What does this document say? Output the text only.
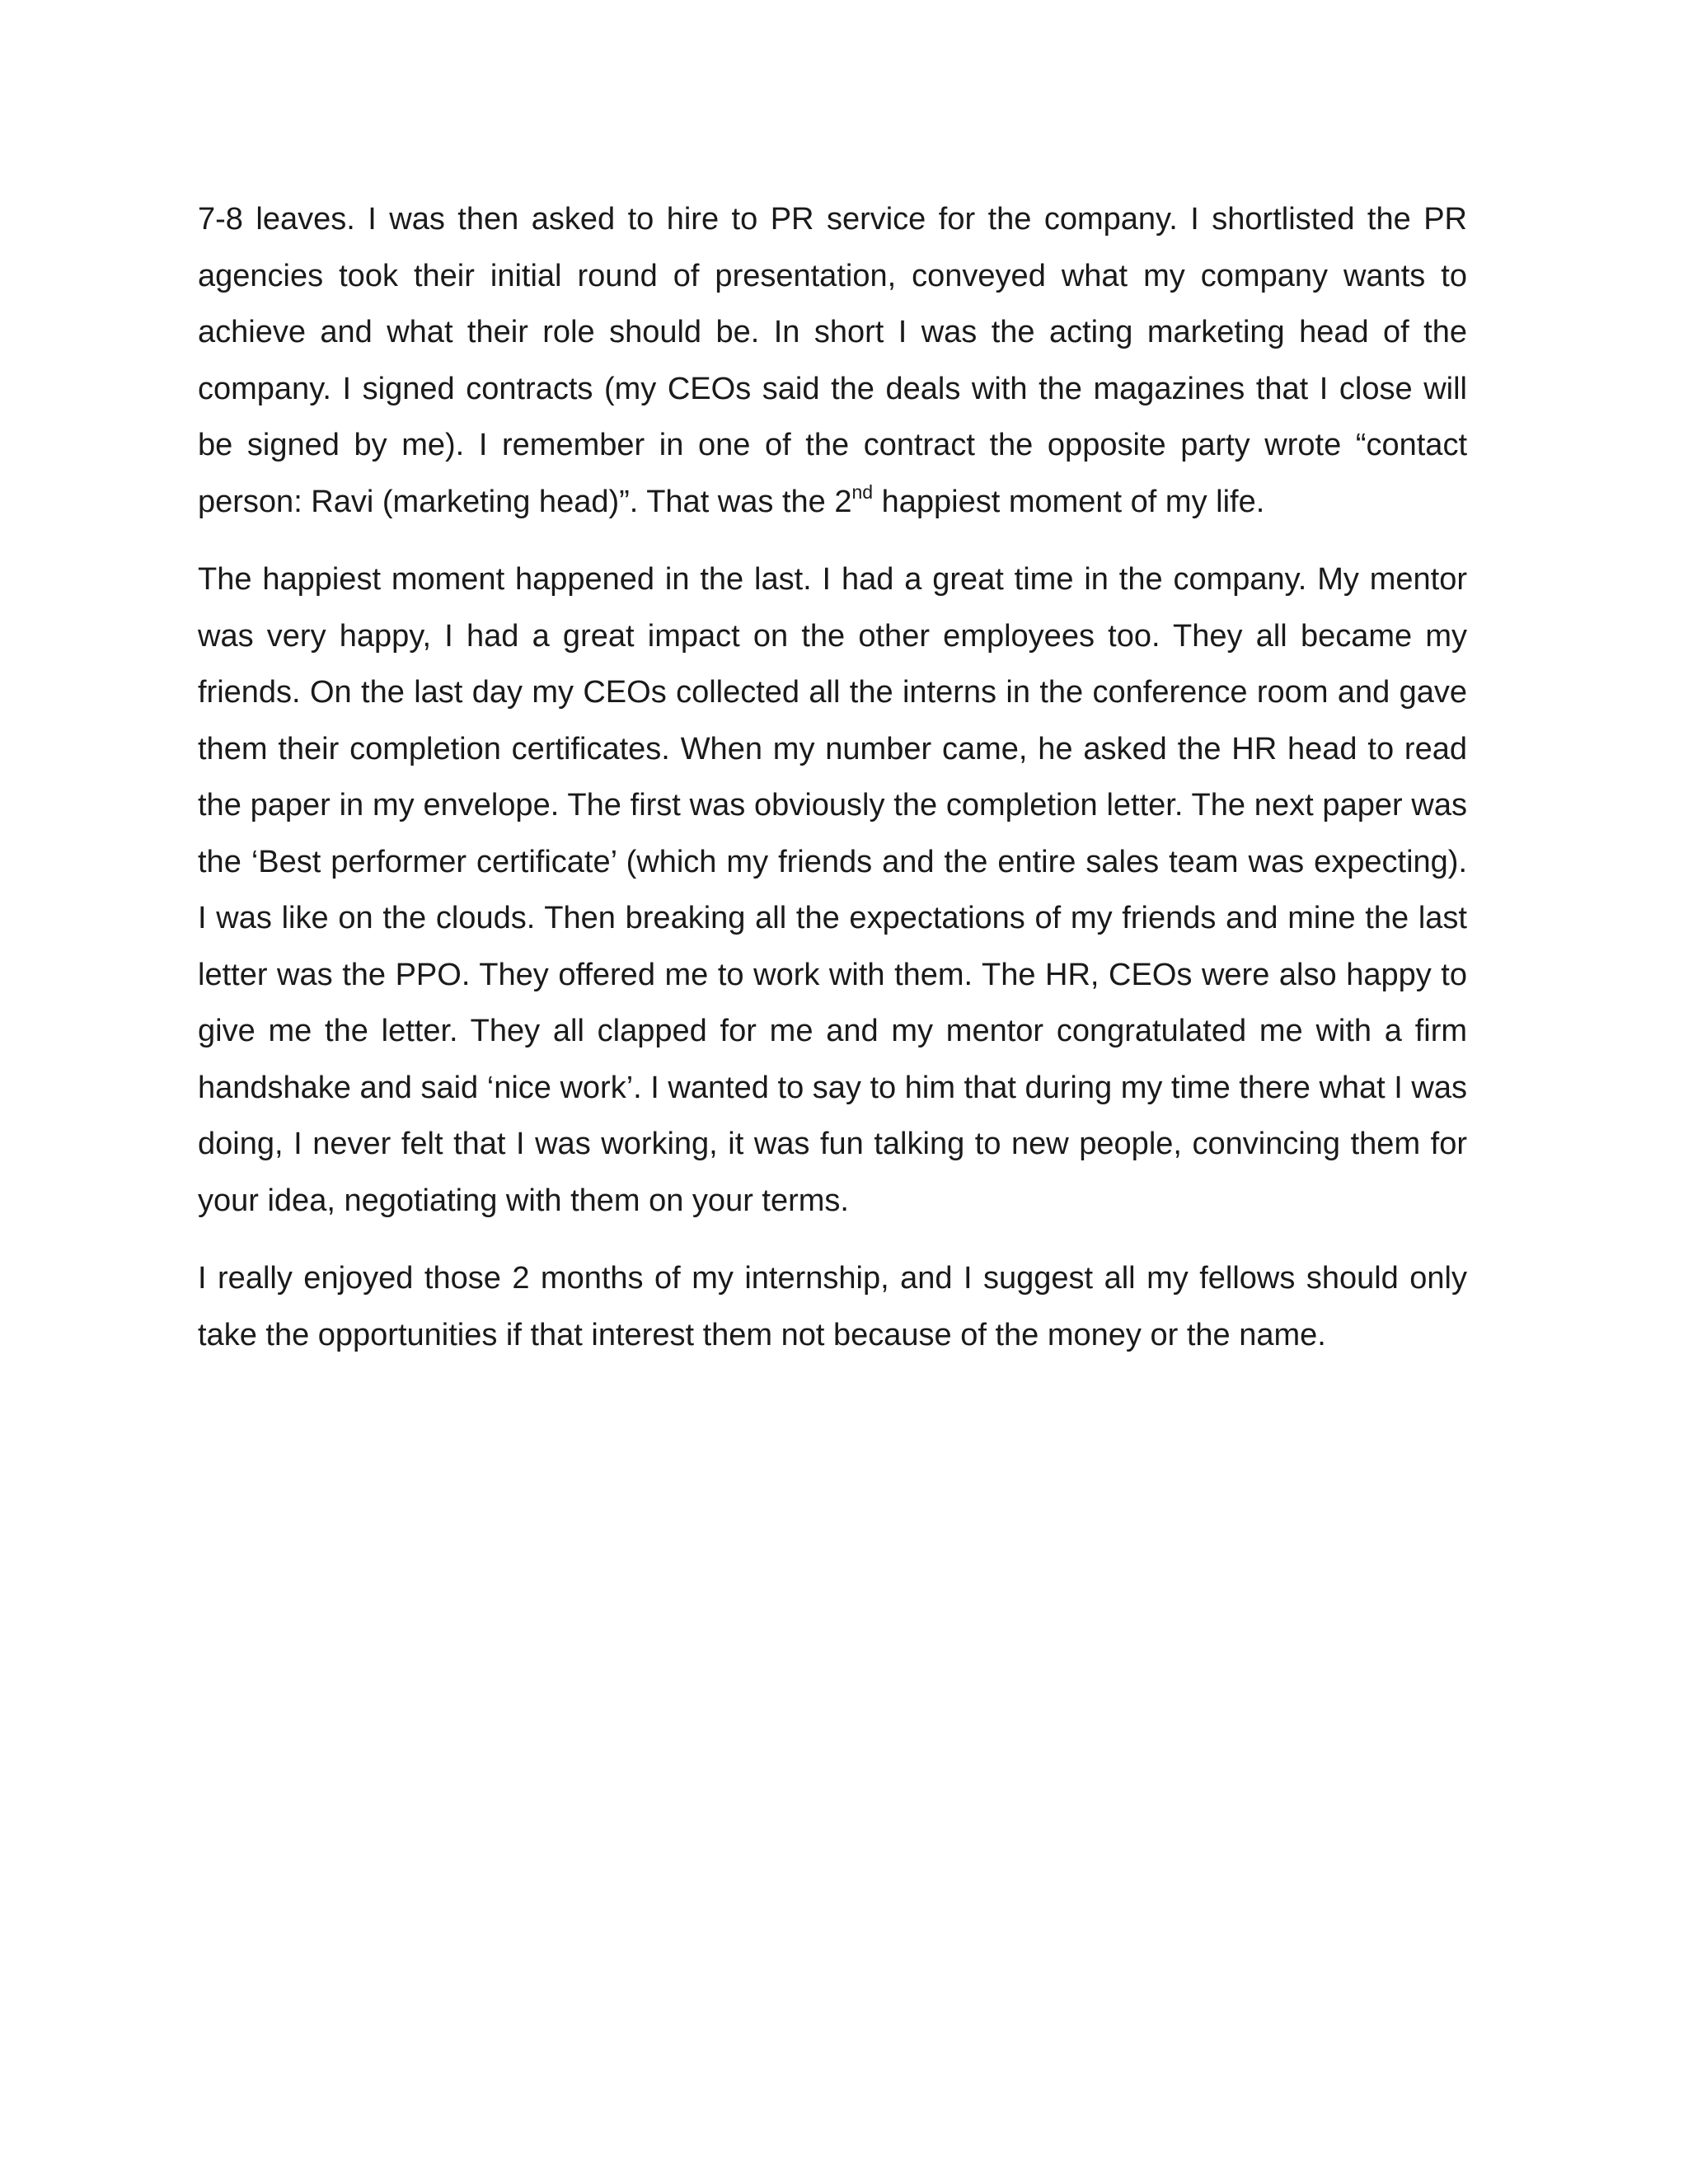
7-8 leaves. I was then asked to hire to PR service for the company. I shortlisted the PR agencies took their initial round of presentation, conveyed what my company wants to achieve and what their role should be. In short I was the acting marketing head of the company. I signed contracts (my CEOs said the deals with the magazines that I close will be signed by me). I remember in one of the contract the opposite party wrote “contact person: Ravi (marketing head)”. That was the 2nd happiest moment of my life.

The happiest moment happened in the last. I had a great time in the company. My mentor was very happy, I had a great impact on the other employees too. They all became my friends. On the last day my CEOs collected all the interns in the conference room and gave them their completion certificates. When my number came, he asked the HR head to read the paper in my envelope. The first was obviously the completion letter. The next paper was the ‘Best performer certificate’ (which my friends and the entire sales team was expecting). I was like on the clouds. Then breaking all the expectations of my friends and mine the last letter was the PPO. They offered me to work with them. The HR, CEOs were also happy to give me the letter. They all clapped for me and my mentor congratulated me with a firm handshake and said ‘nice work’. I wanted to say to him that during my time there what I was doing, I never felt that I was working, it was fun talking to new people, convincing them for your idea, negotiating with them on your terms.

I really enjoyed those 2 months of my internship, and I suggest all my fellows should only take the opportunities if that interest them not because of the money or the name.
